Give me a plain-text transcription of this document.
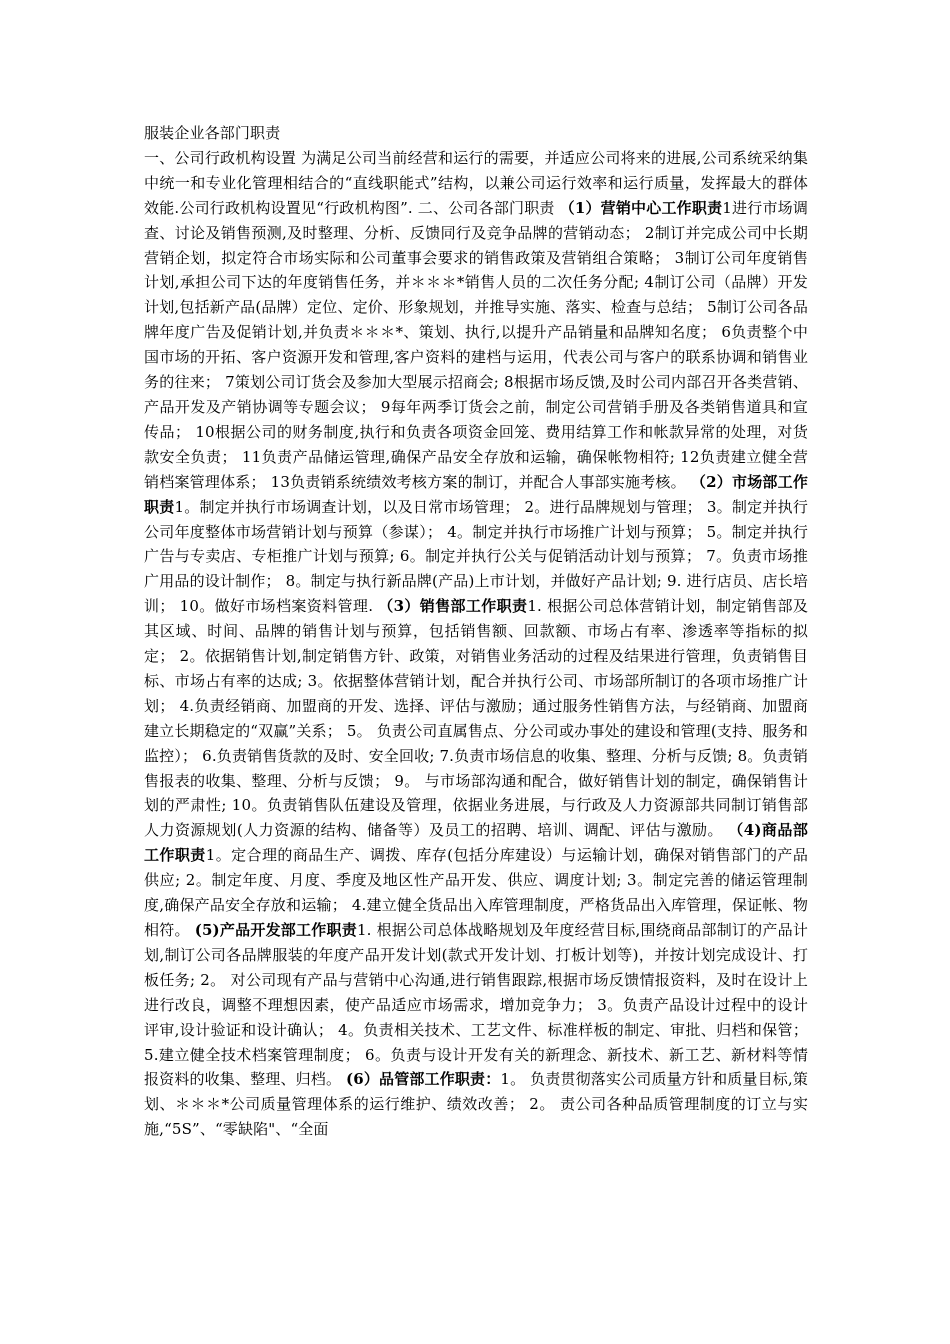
服装企业各部门职责

一、公司行政机构设置 为满足公司当前经营和运行的需要，并适应公司将来的进展,公司系统采纳集中统一和专业化管理相结合的“直线职能式”结构，以兼公司运行效率和运行质量，发挥最大的群体效能.公司行政机构设置见“行政机构图”. 二、公司各部门职责 （1）营销中心工作职责1进行市场调查、讨论及销售预测,及时整理、分析、反馈同行及竞争品牌的营销动态； 2制订并完成公司中长期营销企划，拟定符合市场实际和公司董事会要求的销售政策及营销组合策略； 3制订公司年度销售计划,承担公司下达的年度销售任务，并＊＊＊*销售人员的二次任务分配; 4制订公司（品牌）开发计划,包括新产品(品牌）定位、定价、形象规划，并推导实施、落实、检查与总结； 5制订公司各品牌年度广告及促销计划,并负责＊＊＊*、策划、执行,以提升产品销量和品牌知名度； 6负责整个中国市场的开拓、客户资源开发和管理,客户资料的建档与运用，代表公司与客户的联系协调和销售业务的往来； 7策划公司订货会及参加大型展示招商会; 8根据市场反馈,及时公司内部召开各类营销、产品开发及产销协调等专题会议； 9每年两季订货会之前，制定公司营销手册及各类销售道具和宣传品； 10根据公司的财务制度,执行和负责各项资金回笼、费用结算工作和帐款异常的处理，对货款安全负责； 11负责产品储运管理,确保产品安全存放和运输，确保帐物相符; 12负责建立健全营销档案管理体系； 13负责销系统绩效考核方案的制订，并配合人事部实施考核。 （2）市场部工作职责1。制定并执行市场调查计划，以及日常市场管理； 2。进行品牌规划与管理； 3。制定并执行公司年度整体市场营销计划与预算（参谋）； 4。制定并执行市场推广计划与预算； 5。制定并执行广告与专卖店、专柜推广计划与预算; 6。制定并执行公关与促销活动计划与预算； 7。负责市场推广用品的设计制作； 8。制定与执行新品牌(产品)上市计划，并做好产品计划; 9. 进行店员、店长培训； 10。做好市场档案资料管理. （3）销售部工作职责1. 根据公司总体营销计划，制定销售部及其区域、时间、品牌的销售计划与预算，包括销售额、回款额、市场占有率、渗透率等指标的拟定； 2。依据销售计划,制定销售方针、政策，对销售业务活动的过程及结果进行管理，负责销售目标、市场占有率的达成; 3。依据整体营销计划，配合并执行公司、市场部所制订的各项市场推广计划； 4.负责经销商、加盟商的开发、选择、评估与激励；通过服务性销售方法，与经销商、加盟商建立长期稳定的“双赢”关系； 5。 负责公司直属售点、分公司或办事处的建设和管理(支持、服务和监控）； 6.负责销售货款的及时、安全回收; 7.负责市场信息的收集、整理、分析与反馈; 8。负责销售报表的收集、整理、分析与反馈； 9。 与市场部沟通和配合，做好销售计划的制定，确保销售计划的严肃性; 10。负责销售队伍建设及管理，依据业务进展，与行政及人力资源部共同制订销售部人力资源规划(人力资源的结构、储备等）及员工的招聘、培训、调配、评估与激励。 （4)商品部工作职责1。定合理的商品生产、调拨、库存(包括分库建设）与运输计划，确保对销售部门的产品供应; 2。制定年度、月度、季度及地区性产品开发、供应、调度计划; 3。制定完善的储运管理制度,确保产品安全存放和运输； 4.建立健全货品出入库管理制度，严格货品出入库管理，保证帐、物相符。 (5)产品开发部工作职责1. 根据公司总体战略规划及年度经营目标,围绕商品部制订的产品计划,制订公司各品牌服装的年度产品开发计划(款式开发计划、打板计划等)，并按计划完成设计、打板任务; 2。 对公司现有产品与营销中心沟通,进行销售跟踪,根据市场反馈情报资料，及时在设计上进行改良，调整不理想因素，使产品适应市场需求，增加竞争力； 3。负责产品设计过程中的设计评审,设计验证和设计确认； 4。负责相关技术、工艺文件、标准样板的制定、审批、归档和保管； 5.建立健全技术档案管理制度； 6。负责与设计开发有关的新理念、新技术、新工艺、新材料等情报资料的收集、整理、归档。 (6）品管部工作职责：1。 负责贯彻落实公司质量方针和质量目标,策划、＊＊＊*公司质量管理体系的运行维护、绩效改善； 2。 责公司各种品质管理制度的订立与实施,“5S”、“零缺陷"、“全面
